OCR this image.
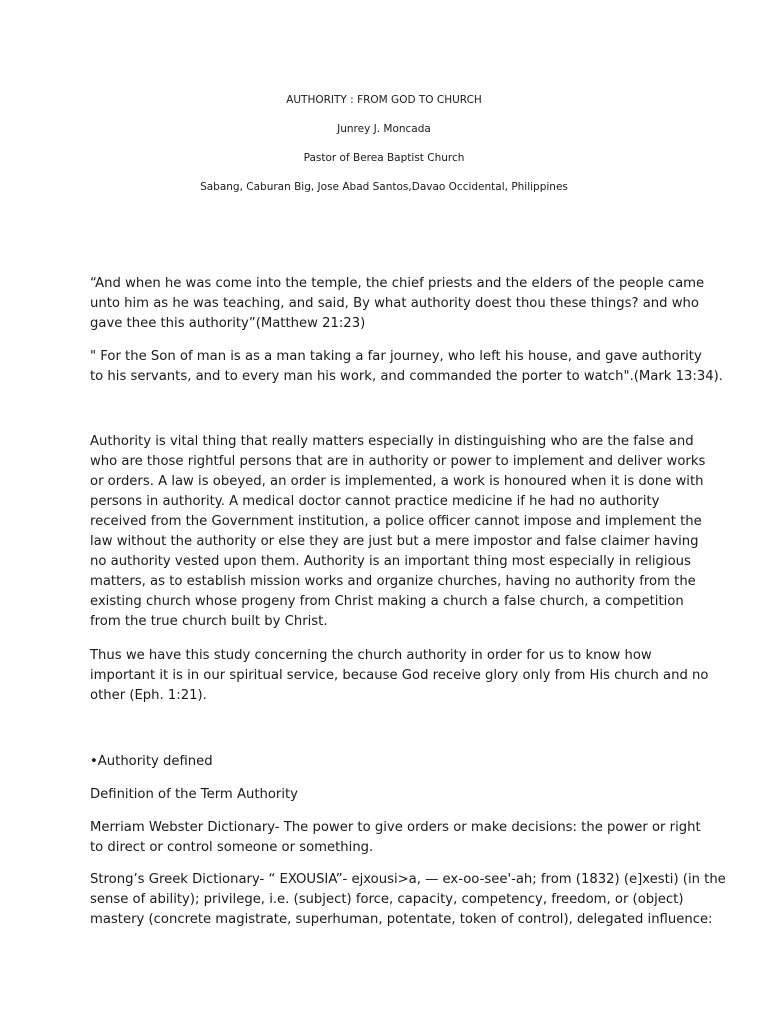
AUTHORITY : FROM GOD TO CHURCH
Junrey J. Moncada
Pastor of Berea Baptist Church
Sabang, Caburan Big, Jose Abad Santos,Davao Occidental, Philippines

“And when he was come into the temple, the chief priests and the elders of the people came
unto him as he was teaching, and said, By what authority doest thou these things? and who
gave thee this authority”(Matthew 21:23)

" For the Son of man is as a man taking a far journey, who left his house, and gave authority
to his servants, and to every man his work, and commanded the porter to watch".(Mark 13:34).

Authority is vital thing that really matters especially in distinguishing who are the false and
who are those rightful persons that are in authority or power to implement and deliver works
or orders. A law is obeyed, an order is implemented, a work is honoured when it is done with
persons in authority. A medical doctor cannot practice medicine if he had no authority
received from the Government institution, a police officer cannot impose and implement the
law without the authority or else they are just but a mere impostor and false claimer having
no authority vested upon them. Authority is an important thing most especially in religious
matters, as to establish mission works and organize churches, having no authority from the
existing church whose progeny from Christ making a church a false church, a competition
from the true church built by Christ.

Thus we have this study concerning the church authority in order for us to know how
important it is in our spiritual service, because God receive glory only from His church and no
other (Eph. 1:21).

•Authority defined

Definition of the Term Authority

Merriam Webster Dictionary- The power to give orders or make decisions: the power or right
to direct or control someone or something.

Strong’s Greek Dictionary- “ EXOUSIA”- ejxousi>a, — ex-oo-see'-ah; from (1832) (e]xesti) (in the
sense of ability); privilege, i.e. (subject) force, capacity, competency, freedom, or (object)
mastery (concrete magistrate, superhuman, potentate, token of control), delegated influence:
